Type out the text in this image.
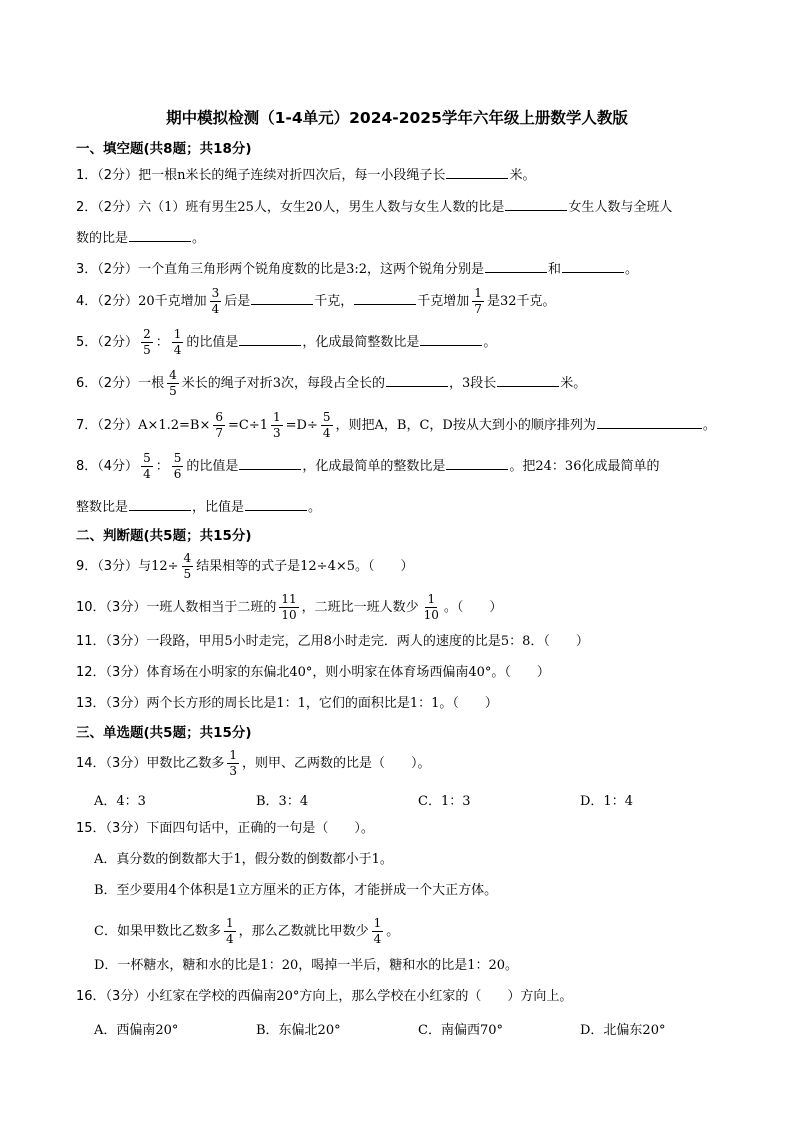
期中模拟检测（1-4单元）2024-2025学年六年级上册数学人教版
一、填空题(共8题；共18分)
1．（2分）把一根n米长的绳子连续对折四次后，每一小段绳子长	米。
2．（2分）六（1）班有男生25人，女生20人，男生人数与女生人数的比是	女生人数与全班人
数的比是	。
3．（2分）一个直角三角形两个锐角度数的比是3:2，这两个锐角分别是	和	。
4．（2分）20千克增加 $\frac{3}{4}$ 后是	千克，	千克增加 $\frac{1}{7}$ 是32千克。
5．（2分） $\frac{2}{5}$ ： $\frac{1}{4}$ 的比值是	，化成最简整数比是	。
6．（2分）一根 $\frac{4}{5}$ 米长的绳子对折3次，每段占全长的	，3段长	米。
7．（2分）$A\times 1.2=B\times \frac{6}{7} =C\div 1 \frac{1}{3} =D\div \frac{5}{4}$ ，则把A，B，C，D按从大到小的顺序排列为	。
8．（4分） $\frac{5}{4}$ ： $\frac{5}{6}$ 的比值是	，化成最简单的整数比是	。把24：36化成最简单的
整数比是	，比值是	。
二、判断题(共5题；共15分)
9．（3分）与$12\div \frac{4}{5}$ 结果相等的式子是12÷4×5。（　　）
10．（3分）一班人数相当于二班的 $\frac{11}{10}$ ，二班比一班人数少 $\frac{1}{10}$ 。（　　）
11．（3分）一段路，甲用5小时走完，乙用8小时走完．两人的速度的比是5：8．（　　）
12．（3分）体育场在小明家的东偏北40°，则小明家在体育场西偏南40°。（　　）
13．（3分）两个长方形的周长比是1：1，它们的面积比是1：1。（　　）
三、单选题(共5题；共15分)
14．（3分）甲数比乙数多 $\frac{1}{3}$ ，则甲、乙两数的比是（　　）。
A．4：3	B．3：4	C．1：3	D．1：4
15．（3分）下面四句话中，正确的一句是（　　）。
A．真分数的倒数都大于1，假分数的倒数都小于1。
B．至少要用4个体积是1立方厘米的正方体，才能拼成一个大正方体。
C．如果甲数比乙数多 $\frac{1}{4}$ ，那么乙数就比甲数少 $\frac{1}{4}$ 。
D．一杯糖水，糖和水的比是1：20，喝掉一半后，糖和水的比是1：20。
16．（3分）小红家在学校的西偏南20°方向上，那么学校在小红家的（　　）方向上。
A．西偏南20°	B．东偏北20°	C．南偏西70°	D．北偏东20°
